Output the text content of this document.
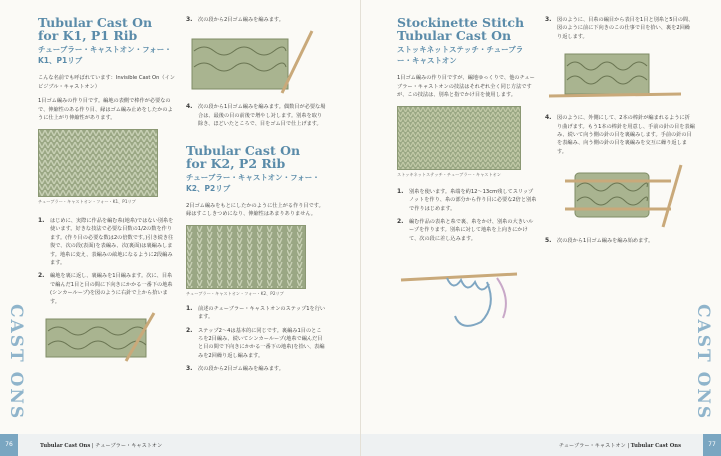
Tubular Cast On
for K1, P1 Rib
チューブラー・キャストオン・フォー・K1、P1リブ

こんな名前でも呼ばれています：Invisible Cast On（インビジブル・キャストオン）

1目ゴム編みの作り目です。編地の表側で棒作が必要なので、伸縮性のある作り目、縁はゴム編み止めをしたかのように仕上がり伸縮性があります。

チューブラー・キャストオン・フォー・K1、P1リブ
1. はじめに、実際に作品を編む糸(地糸)ではない別糸を使います。好きな技法で必要な目数の1/2の数を作ります。(作り目の必要な数は2の倍数です。)引き続き往復で、次の段(表面)を表編み、次(裏面)は裏編みします。地糸に変え、表編みの畝地になるように2段編みます。
2. 編地を裏に返し、裏編みを1目編みます。次に、目糸で編んだ1目と目の間に下向きにかかる一番下の地糸(シンカーループ)を図のように右針で上から拾います。
3. 次の段から2目ゴム編みを編みます。
4. 次の段から1目ゴム編みを編みます。偶数目が必要な場合は、最後の目の前後で増やし対します。別糸を取り除き、ほどいたところで、目をゴム目で仕上げます。
Tubular Cast On
for K2, P2 Rib
チューブラー・キャストオン・フォー・K2、P2リブ

2目ゴム編みをもとにしたかのように仕上がる作り目です。縁はすこしきつめになり、伸縮性はあまりありません。

チューブラー・キャストオン・フォー・K2、P2リブ
1. 前述のチューブラー・キャストオンのステップ1を行います。
2. ステップ2～4は基本的に同じです。裏編み1目のところを2目編み、続いてシンカーループ(地糸で編んだ目と目の間で下向きにかかる一番下の地糸)を拾い、表編みを2回繰り返し編みます。
3. 次の段から2目ゴム編みを編みます。
CAST ONS
76	Tubular Cast Ons | チューブラー・キャストオン
Stockinette Stitch
Tubular Cast On
ストッキネットステッチ・チューブラー・キャストオン

1目ゴム編みの作り目ですが、編地ゆっくりで、他のチューブラー・キャストオンの技法はそれぞれ全く同じ方法ですが、この技法は、別糸と指でかけ目を使用します。

ストッキネットステッチ・チューブラー・キャストオン
1. 別糸を使います。糸端を約12～13cm残してスリップノットを作り、糸の部分から作り目に必要な2倍と別糸で作りはじめます。
2. 編む作品の表糸と糸で裏、糸をかけ、別糸の大きいループを作ります。別糸に対して地糸を上向きにかけて、次の段に差し込みます。
3. 図のように、目糸の編目から表目を1目と別糸と5目の間、図のように前に下向きのこの仕事で目を拾い、裏を2回繰り返します。
4. 図のように、外側にして、2本の棒針が編まれるように折り曲げます。もう1本の棒針を用意し、手前の針の目を表編み、続いて向う側の針の目を裏編みします。手前の針の目を表編み、向う側の針の目を裏編みを交互に繰り返します。
5. 次の段から1目ゴム編みを編み始めます。
CAST ONS
77
チューブラー・キャストオン | Tubular Cast Ons
